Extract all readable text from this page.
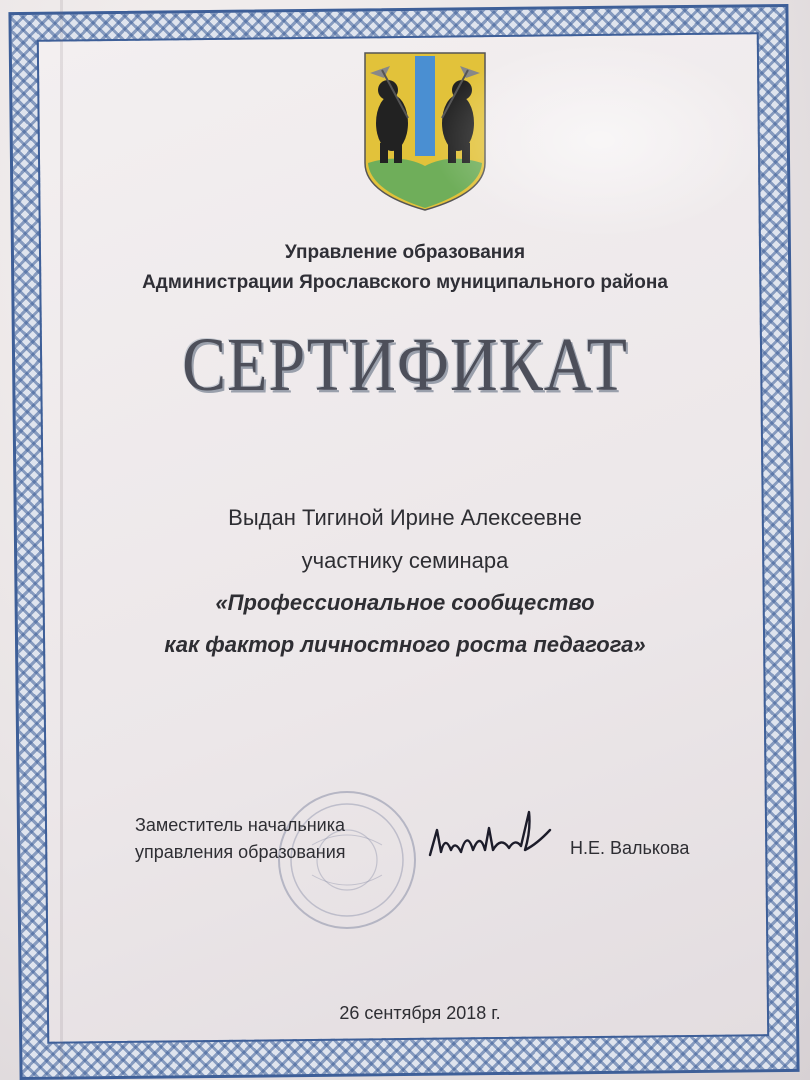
Управление образования
Администрации Ярославского муниципального района
СЕРТИФИКАТ
Выдан Тигиной Ирине Алексеевне
участнику семинара
«Профессиональное сообщество
как фактор личностного роста педагога»
Заместитель начальника
управления образования	Н.Е. Валькова
26 сентября 2018 г.
